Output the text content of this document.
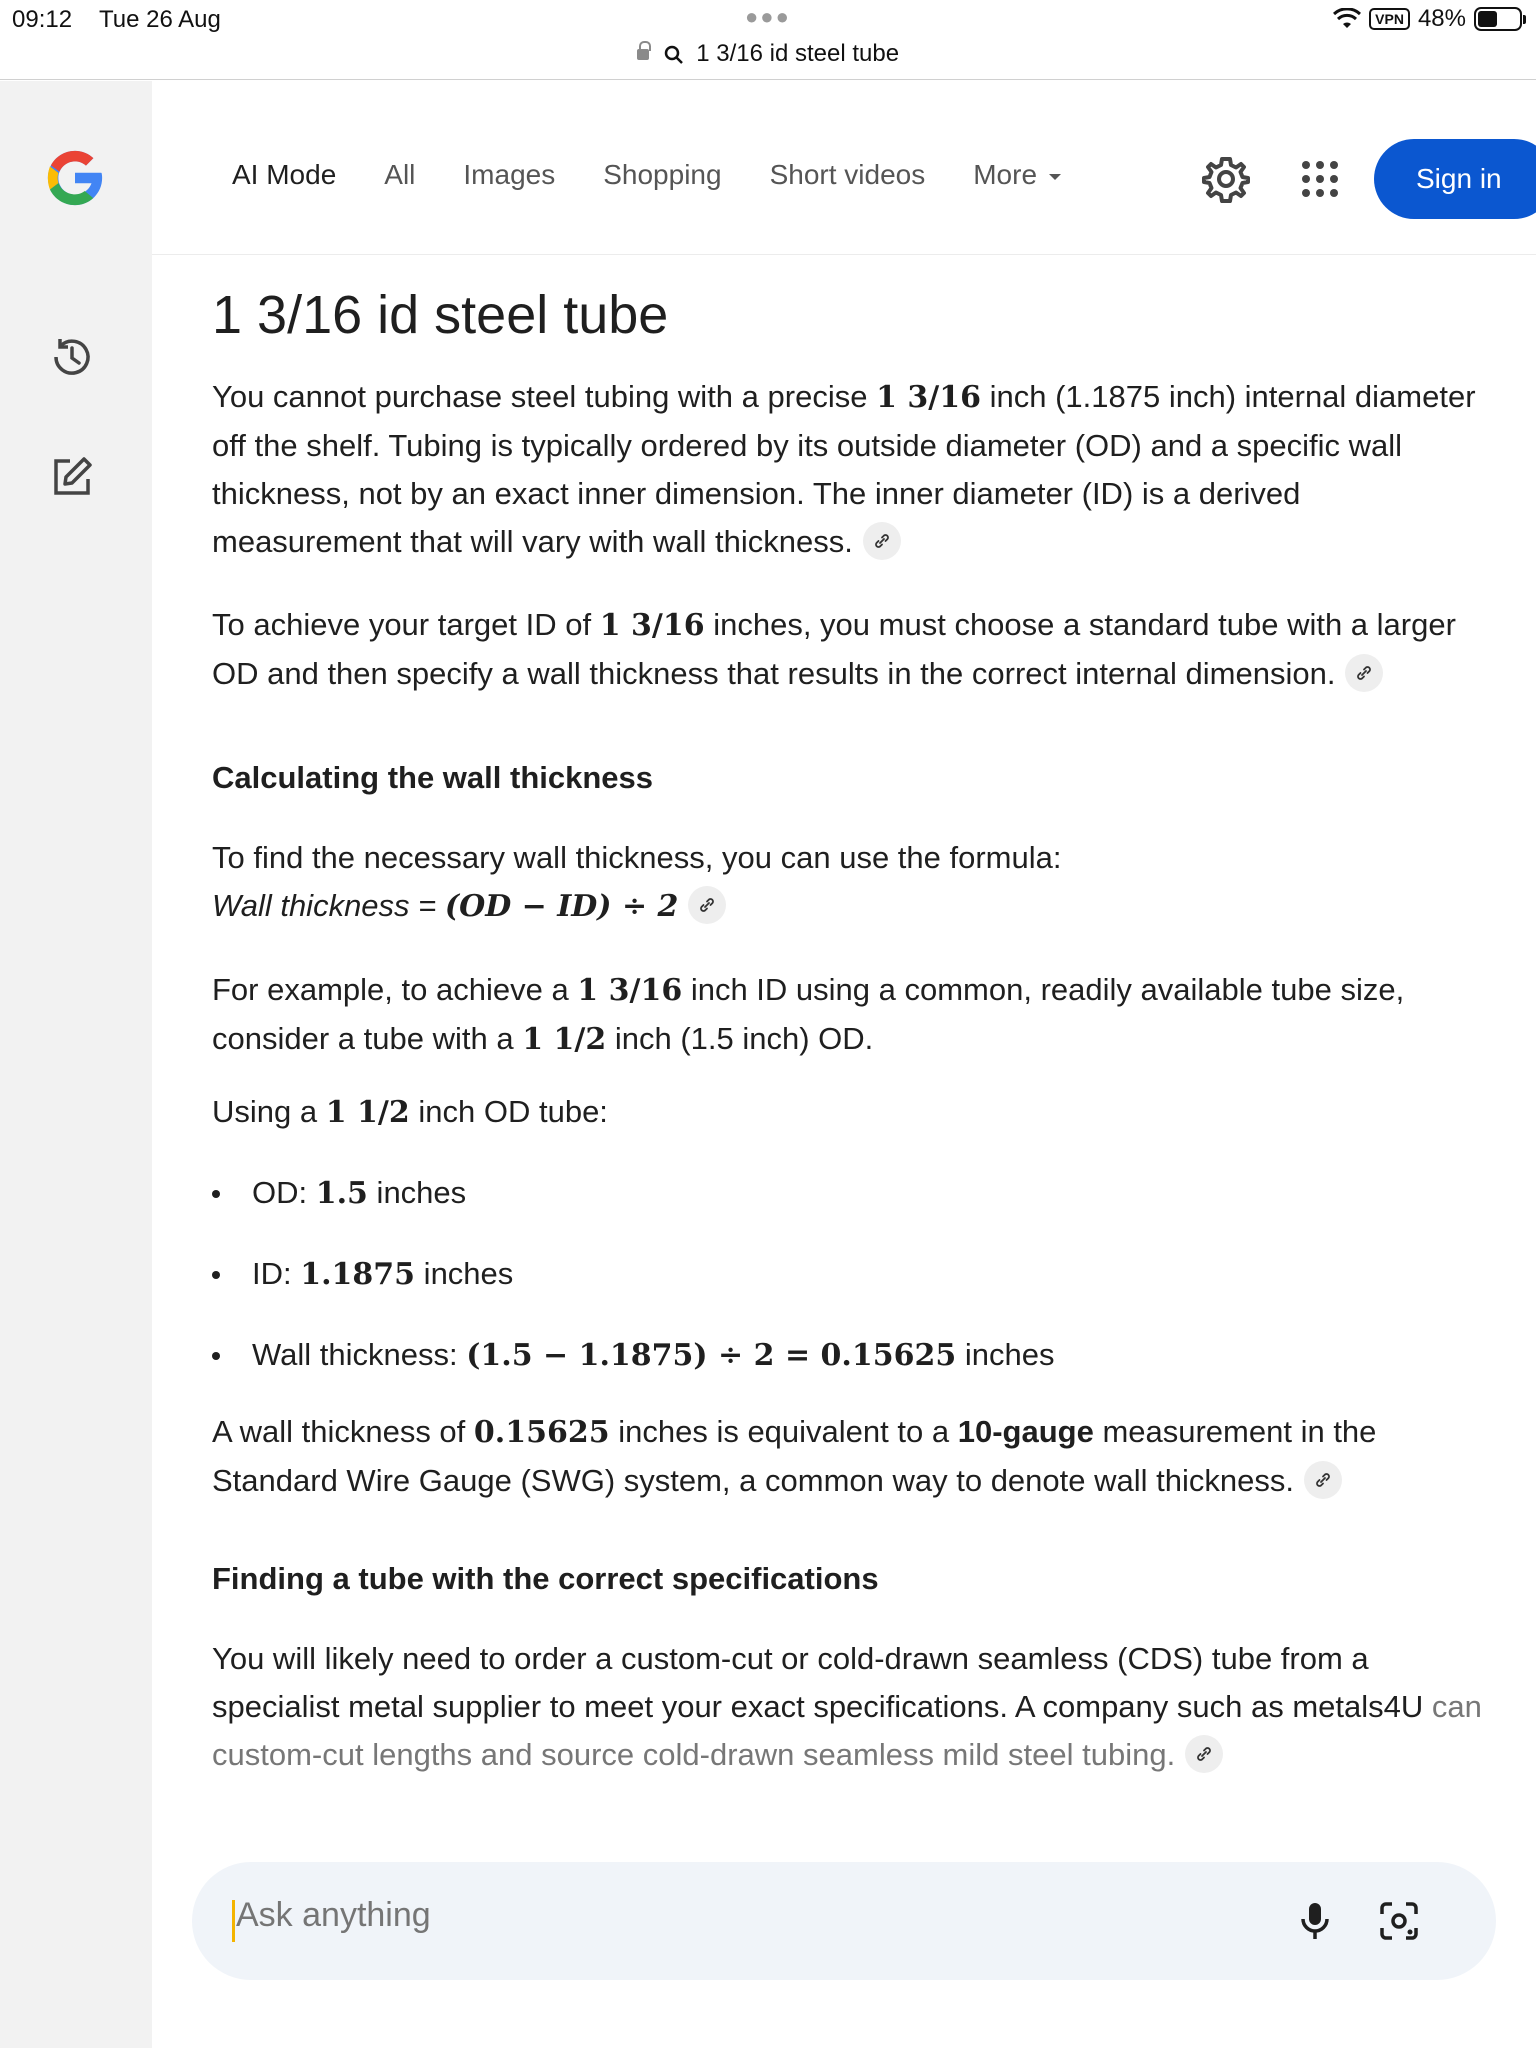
09:12 Tue 26 Aug	●●●	VPN 48%
1 3/16 id steel tube
AI Mode All Images Shopping Short videos More	Sign in
1 3/16 id steel tube

You cannot purchase steel tubing with a precise 1 3/16 inch (1.1875 inch) internal diameter off the shelf. Tubing is typically ordered by its outside diameter (OD) and a specific wall thickness, not by an exact inner dimension. The inner diameter (ID) is a derived measurement that will vary with wall thickness.

To achieve your target ID of 1 3/16 inches, you must choose a standard tube with a larger OD and then specify a wall thickness that results in the correct internal dimension.

Calculating the wall thickness

To find the necessary wall thickness, you can use the formula:
Wall thickness = (OD − ID) ÷ 2

For example, to achieve a 1 3/16 inch ID using a common, readily available tube size, consider a tube with a 1 1/2 inch (1.5 inch) OD.

Using a 1 1/2 inch OD tube:

OD: 1.5 inches
ID: 1.1875 inches
Wall thickness: (1.5 − 1.1875) ÷ 2 = 0.15625 inches

A wall thickness of 0.15625 inches is equivalent to a 10-gauge measurement in the Standard Wire Gauge (SWG) system, a common way to denote wall thickness.

Finding a tube with the correct specifications

You will likely need to order a custom-cut or cold-drawn seamless (CDS) tube from a specialist metal supplier to meet your exact specifications. A company such as metals4U can custom-cut lengths and source cold-drawn seamless mild steel tubing.

Ask anything
